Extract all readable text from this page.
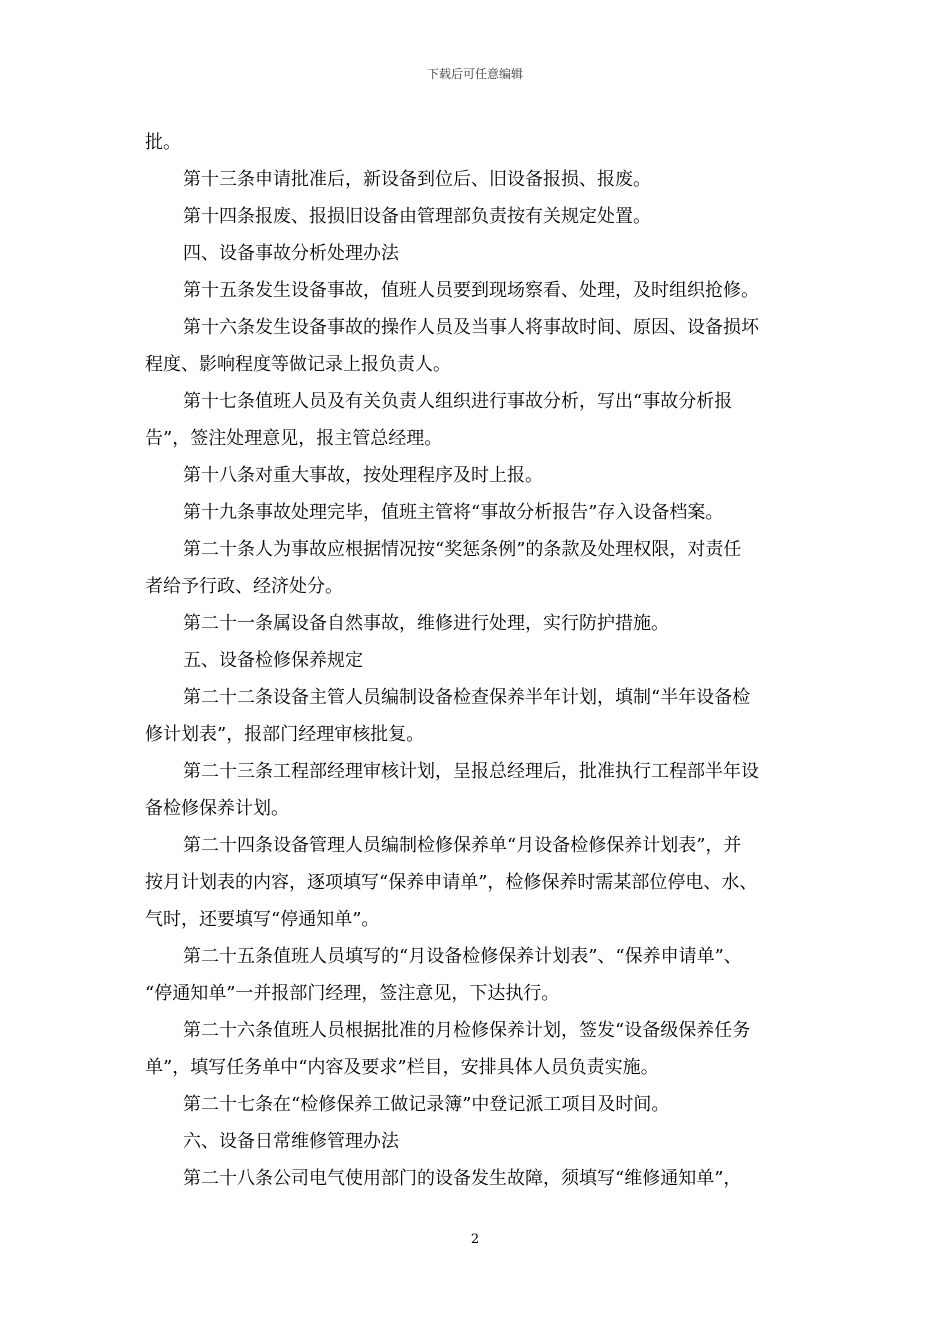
下载后可任意编辑

批。

第十三条申请批准后，新设备到位后、旧设备报损、报废。

第十四条报废、报损旧设备由管理部负责按有关规定处置。

四、设备事故分析处理办法

第十五条发生设备事故，值班人员要到现场察看、处理，及时组织抢修。

第十六条发生设备事故的操作人员及当事人将事故时间、原因、设备损坏
程度、影响程度等做记录上报负责人。

第十七条值班人员及有关负责人组织进行事故分析，写出“事故分析报
告”，签注处理意见，报主管总经理。

第十八条对重大事故，按处理程序及时上报。

第十九条事故处理完毕，值班主管将“事故分析报告”存入设备档案。

第二十条人为事故应根据情况按“奖惩条例”的条款及处理权限，对责任
者给予行政、经济处分。

第二十一条属设备自然事故，维修进行处理，实行防护措施。

五、设备检修保养规定

第二十二条设备主管人员编制设备检查保养半年计划，填制“半年设备检
修计划表”，报部门经理审核批复。

第二十三条工程部经理审核计划，呈报总经理后，批准执行工程部半年设
备检修保养计划。

第二十四条设备管理人员编制检修保养单“月设备检修保养计划表”，并
按月计划表的内容，逐项填写“保养申请单”，检修保养时需某部位停电、水、
气时，还要填写“停通知单”。

第二十五条值班人员填写的“月设备检修保养计划表”、“保养申请单”、
“停通知单”一并报部门经理，签注意见，下达执行。

第二十六条值班人员根据批准的月检修保养计划，签发“设备级保养任务
单”，填写任务单中“内容及要求”栏目，安排具体人员负责实施。

第二十七条在“检修保养工做记录簿”中登记派工项目及时间。

六、设备日常维修管理办法

第二十八条公司电气使用部门的设备发生故障，须填写“维修通知单”，

2
